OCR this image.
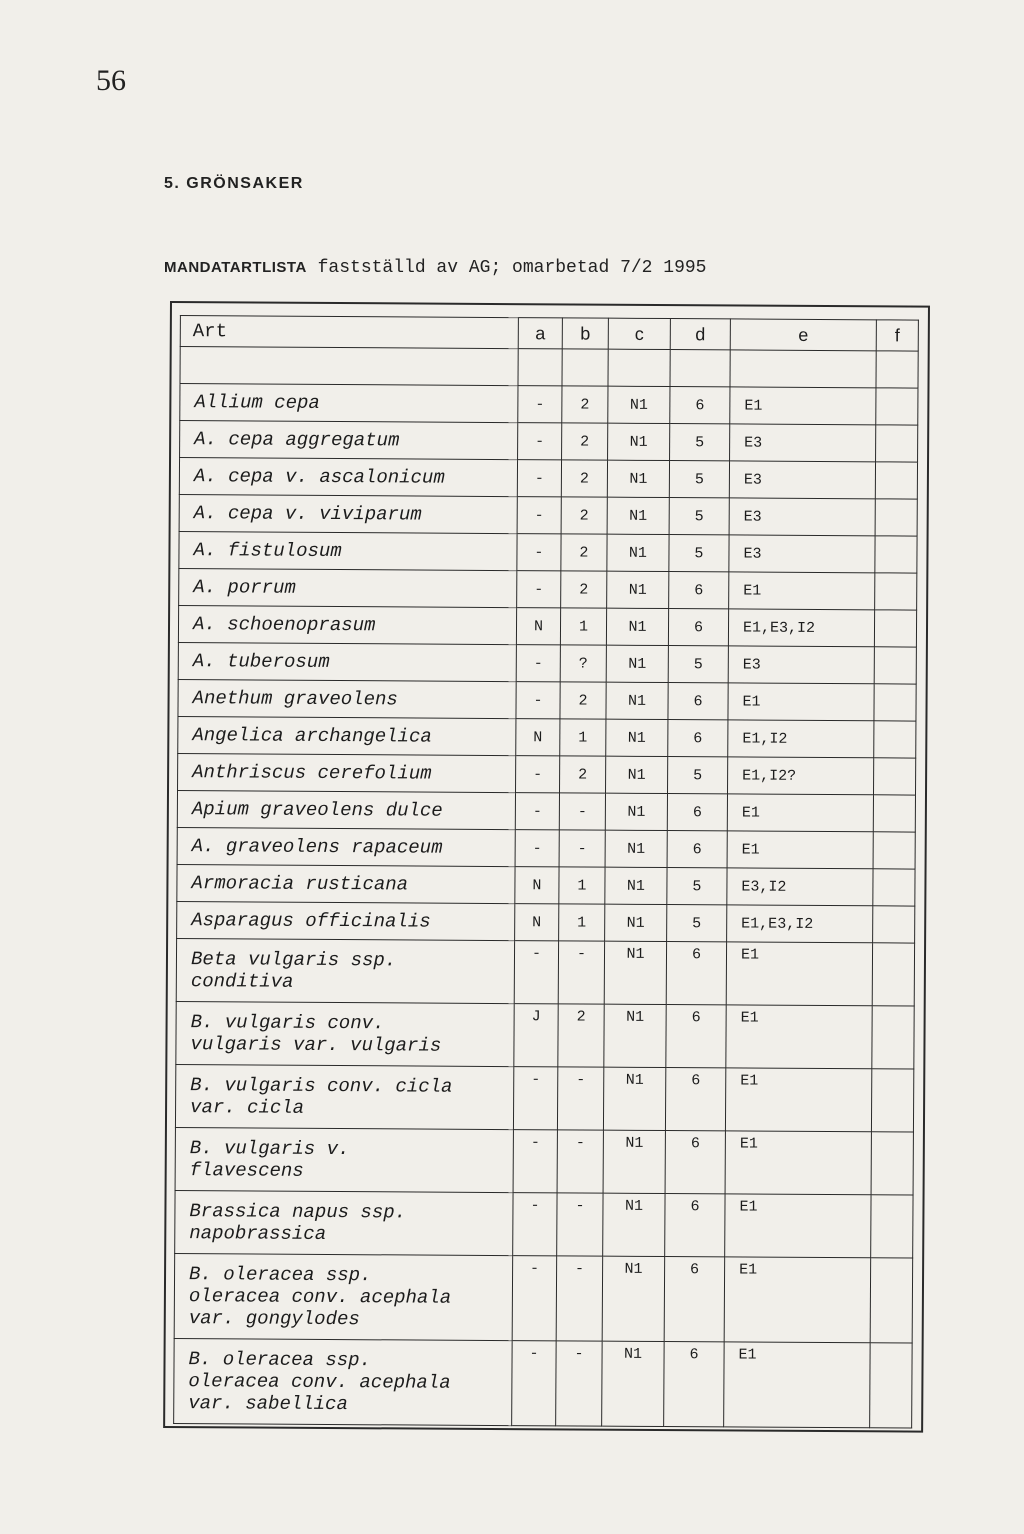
56
5. GRÖNSAKER
MANDATARTLISTA fastställd av AG; omarbetad 7/2 1995
Art	a	b	c	d	e	f

Allium cepa	-	2	N1	6	E1	
A. cepa aggregatum	-	2	N1	5	E3	
A. cepa v. ascalonicum	-	2	N1	5	E3	
A. cepa v. viviparum	-	2	N1	5	E3	
A. fistulosum	-	2	N1	5	E3	
A. porrum	-	2	N1	6	E1	
A. schoenoprasum	N	1	N1	6	E1,E3,I2	
A. tuberosum	-	?	N1	5	E3	
Anethum graveolens	-	2	N1	6	E1	
Angelica archangelica	N	1	N1	6	E1,I2	
Anthriscus cerefolium	-	2	N1	5	E1,I2?	
Apium graveolens dulce	-	-	N1	6	E1	
A. graveolens rapaceum	-	-	N1	6	E1	
Armoracia rusticana	N	1	N1	5	E3,I2	
Asparagus officinalis	N	1	N1	5	E1,E3,I2	
Beta vulgaris ssp.
conditiva	-	-	N1	6	E1	
B. vulgaris conv.
vulgaris var. vulgaris	J	2	N1	6	E1	
B. vulgaris conv. cicla
var. cicla	-	-	N1	6	E1	
B. vulgaris v.
flavescens	-	-	N1	6	E1	
Brassica napus ssp.
napobrassica	-	-	N1	6	E1	
B. oleracea ssp.
oleracea conv. acephala
var. gongylodes	-	-	N1	6	E1	
B. oleracea ssp.
oleracea conv. acephala
var. sabellica	-	-	N1	6	E1	
